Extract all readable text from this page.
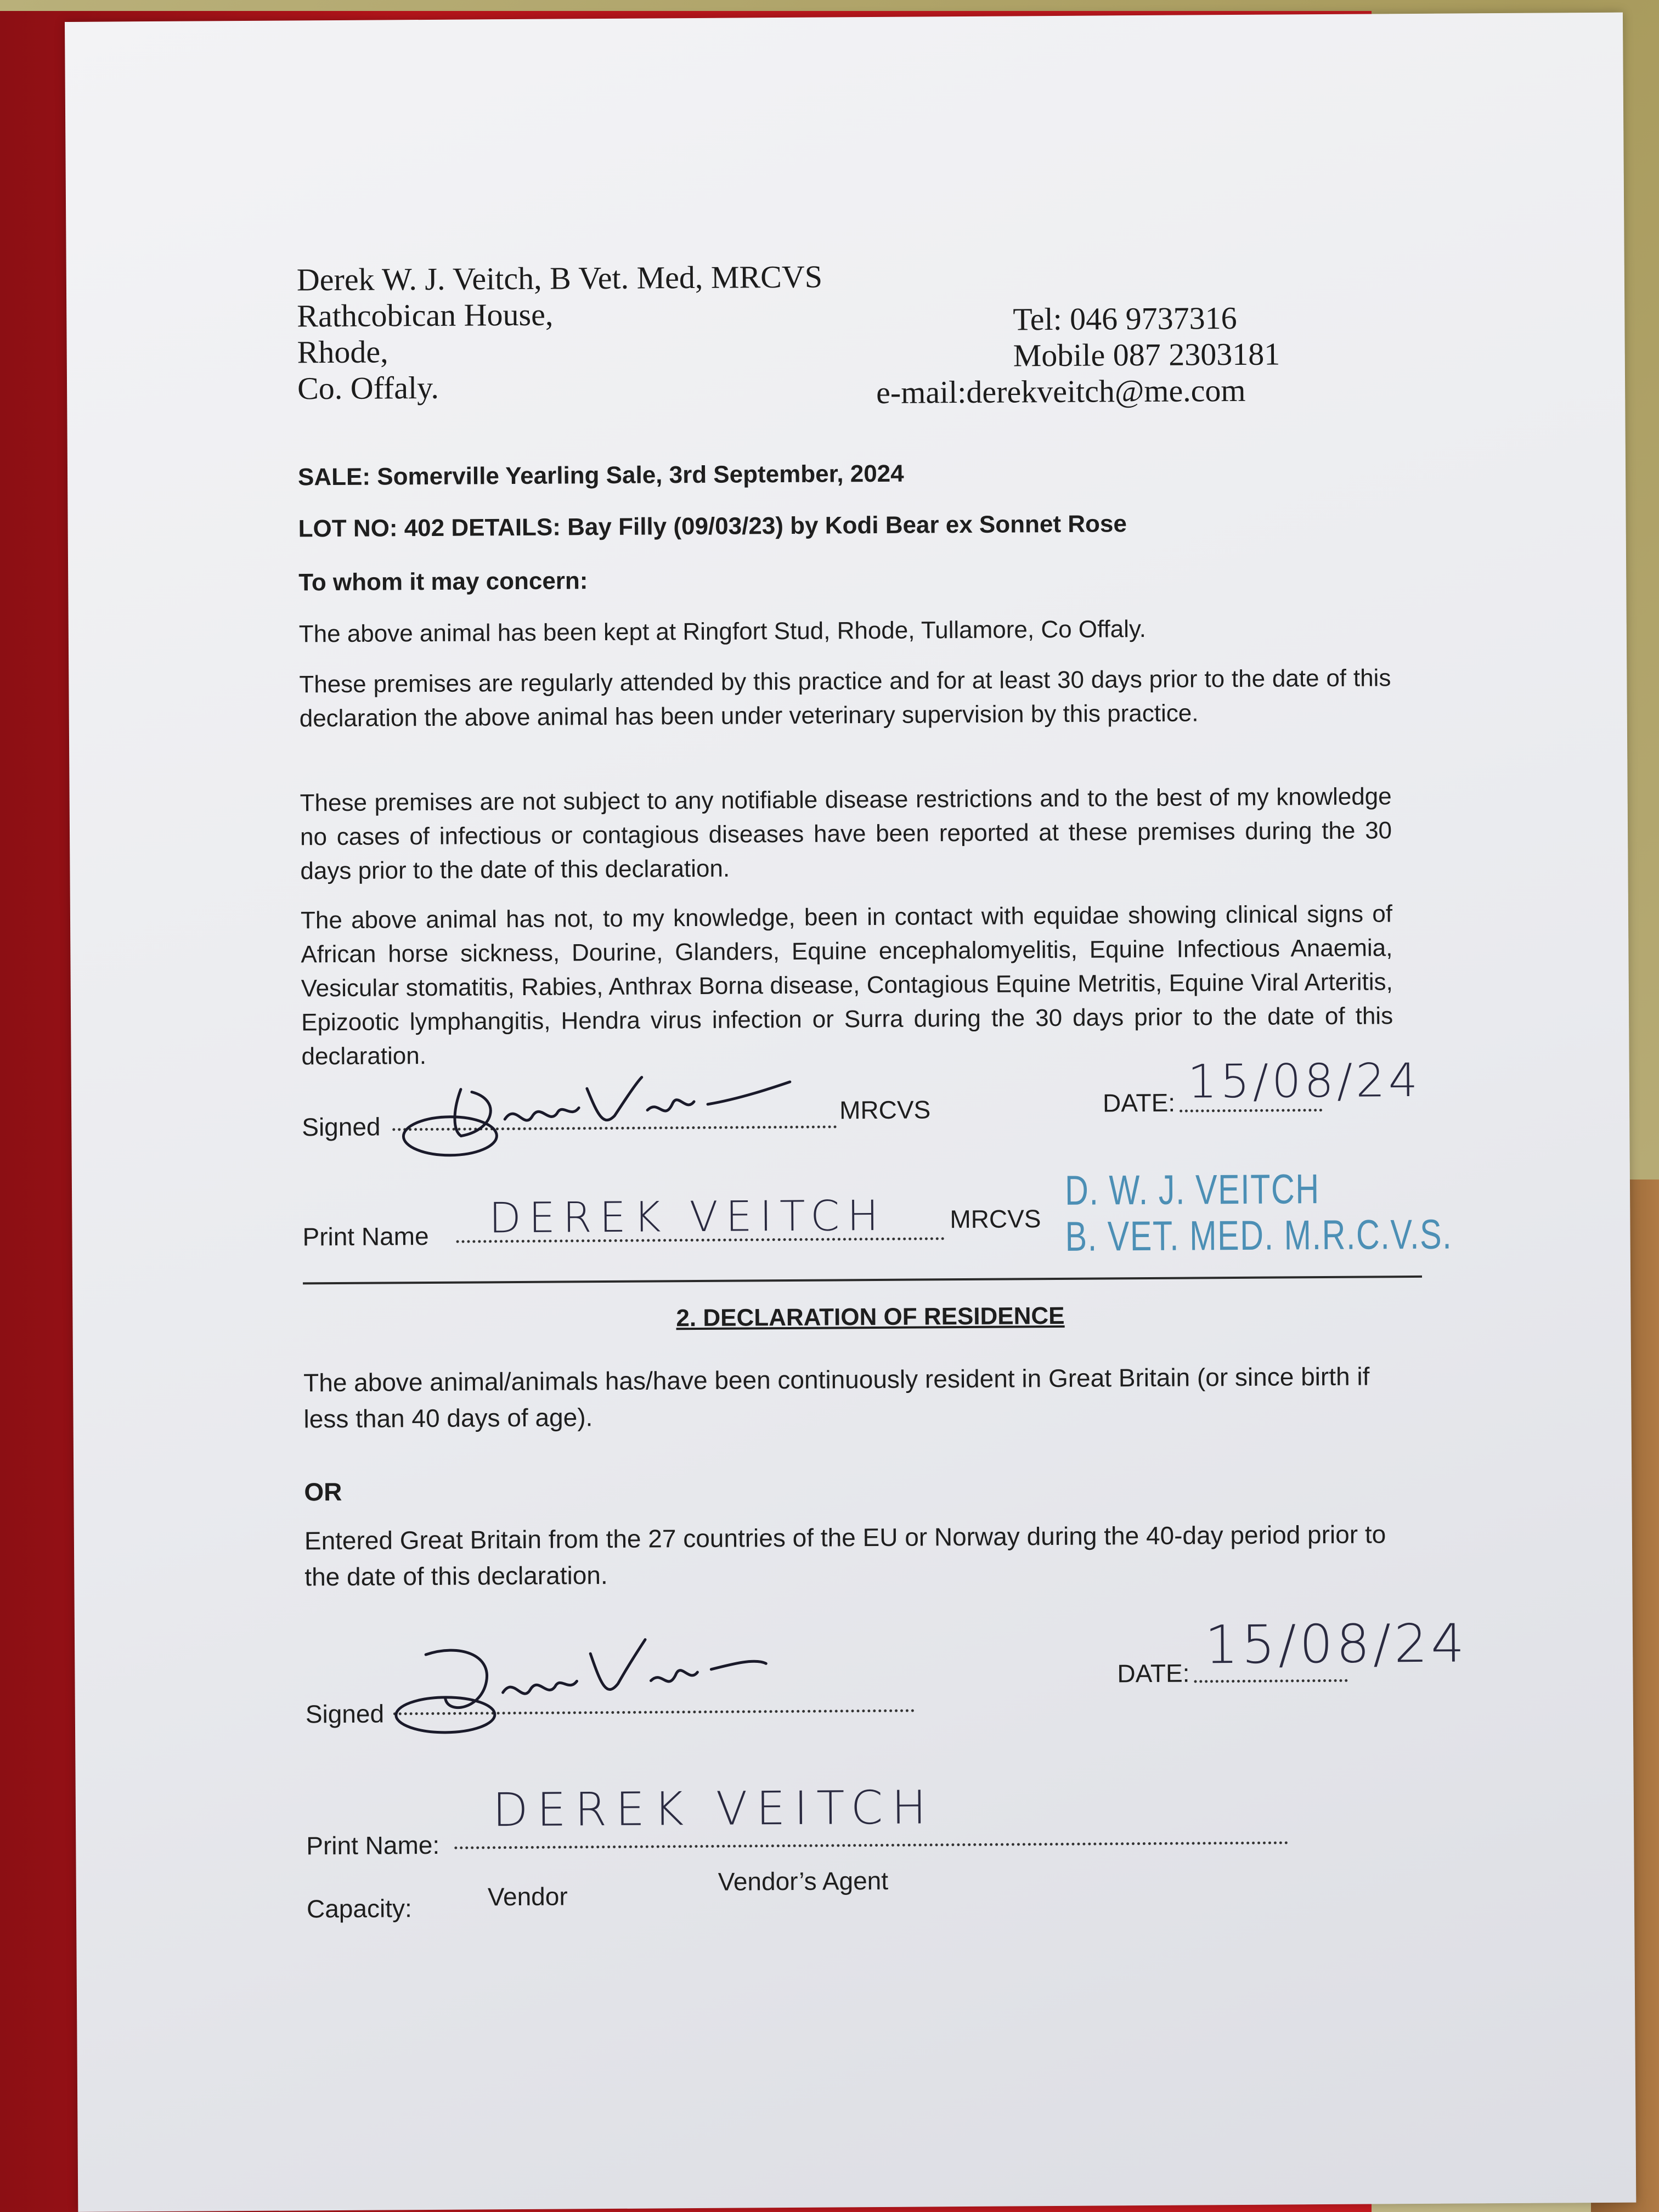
Derek W. J. Veitch, B Vet. Med, MRCVS
Rathcobican House,
Rhode,
Co. Offaly.
Tel: 046 9737316
Mobile 087 2303181
e-mail:derekveitch@me.com
SALE: Somerville Yearling Sale, 3rd September, 2024
LOT NO: 402 DETAILS: Bay Filly (09/03/23) by Kodi Bear ex Sonnet Rose
To whom it may concern:
The above animal has been kept at Ringfort Stud, Rhode, Tullamore, Co Offaly.
These premises are regularly attended by this practice and for at least 30 days prior to the date of this declaration the above animal has been under veterinary supervision by this practice.
These premises are not subject to any notifiable disease restrictions and to the best of my knowledge no cases of infectious or contagious diseases have been reported at these premises during the 30 days prior to the date of this declaration.
The above animal has not, to my knowledge, been in contact with equidae showing clinical signs of African horse sickness, Dourine, Glanders, Equine encephalomyelitis, Equine Infectious Anaemia, Vesicular stomatitis, Rabies, Anthrax Borna disease, Contagious Equine Metritis, Equine Viral Arteritis, Epizootic lymphangitis, Hendra virus infection or Surra during the 30 days prior to the date of this declaration.
Signed
MRCVS	DATE: 15/08/24
Print Name DEREK VEITCH	MRCVS
D. W. J. VEITCH
B. VET. MED. M.R.C.V.S.
2. DECLARATION OF RESIDENCE
The above animal/animals has/have been continuously resident in Great Britain (or since birth if less than 40 days of age).
OR
Entered Great Britain from the 27 countries of the EU or Norway during the 40-day period prior to the date of this declaration.
Signed
DATE: 15/08/24
Print Name:
DEREK VEITCH
Capacity:	Vendor
Vendor’s Agent
